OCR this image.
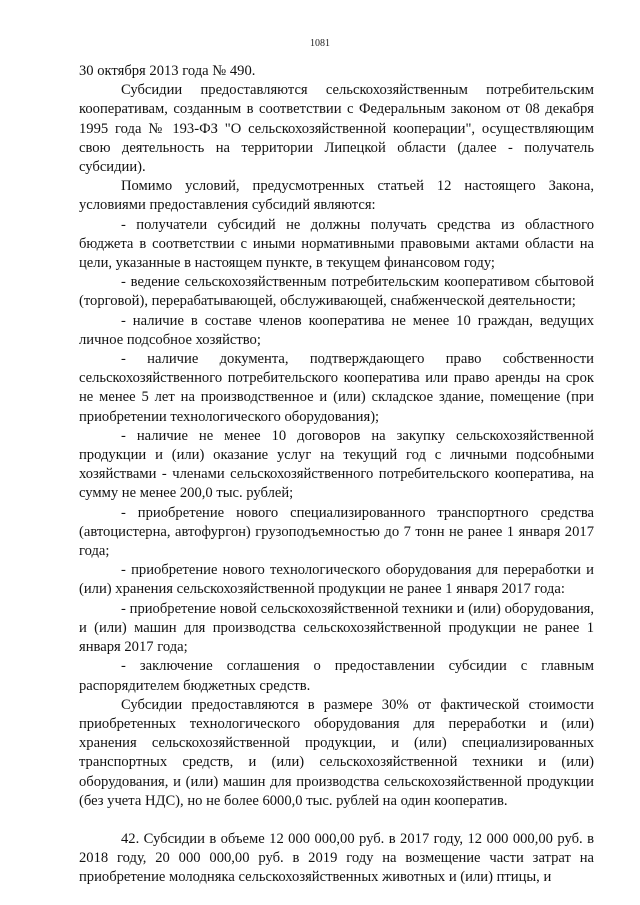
1081

30 октября 2013 года № 490.

Субсидии предоставляются сельскохозяйственным потребительским кооперативам, созданным в соответствии с Федеральным законом от 08 декабря 1995 года № 193-ФЗ "О сельскохозяйственной кооперации", осуществляющим свою деятельность на территории Липецкой области (далее - получатель субсидии).

Помимо условий, предусмотренных статьей 12 настоящего Закона, условиями предоставления субсидий являются:

- получатели субсидий не должны получать средства из областного бюджета в соответствии с иными нормативными правовыми актами области на цели, указанные в настоящем пункте, в текущем финансовом году;

- ведение сельскохозяйственным потребительским кооперативом сбытовой (торговой), перерабатывающей, обслуживающей, снабженческой деятельности;

- наличие в составе членов кооператива не менее 10 граждан, ведущих личное подсобное хозяйство;

- наличие документа, подтверждающего право собственности сельскохозяйственного потребительского кооператива или право аренды на срок не менее 5 лет на производственное и (или) складское здание, помещение (при приобретении технологического оборудования);

- наличие не менее 10 договоров на закупку сельскохозяйственной продукции и (или) оказание услуг на текущий год с личными подсобными хозяйствами - членами сельскохозяйственного потребительского кооператива, на сумму не менее 200,0 тыс. рублей;

- приобретение нового специализированного транспортного средства (автоцистерна, автофургон) грузоподъемностью до 7 тонн не ранее 1 января 2017 года;

- приобретение нового технологического оборудования для переработки и (или) хранения сельскохозяйственной продукции не ранее 1 января 2017 года:

- приобретение новой сельскохозяйственной техники и (или) оборудования, и (или) машин для производства сельскохозяйственной продукции не ранее 1 января 2017 года;

- заключение соглашения о предоставлении субсидии с главным распорядителем бюджетных средств.

Субсидии предоставляются в размере 30% от фактической стоимости приобретенных технологического оборудования для переработки и (или) хранения сельскохозяйственной продукции, и (или) специализированных транспортных средств, и (или) сельскохозяйственной техники и (или) оборудования, и (или) машин для производства сельскохозяйственной продукции (без учета НДС), но не более 6000,0 тыс. рублей на один кооператив.

42. Субсидии в объеме 12 000 000,00 руб. в 2017 году, 12 000 000,00 руб. в 2018 году, 20 000 000,00 руб. в 2019 году на возмещение части затрат на приобретение молодняка сельскохозяйственных животных и (или) птицы, и
